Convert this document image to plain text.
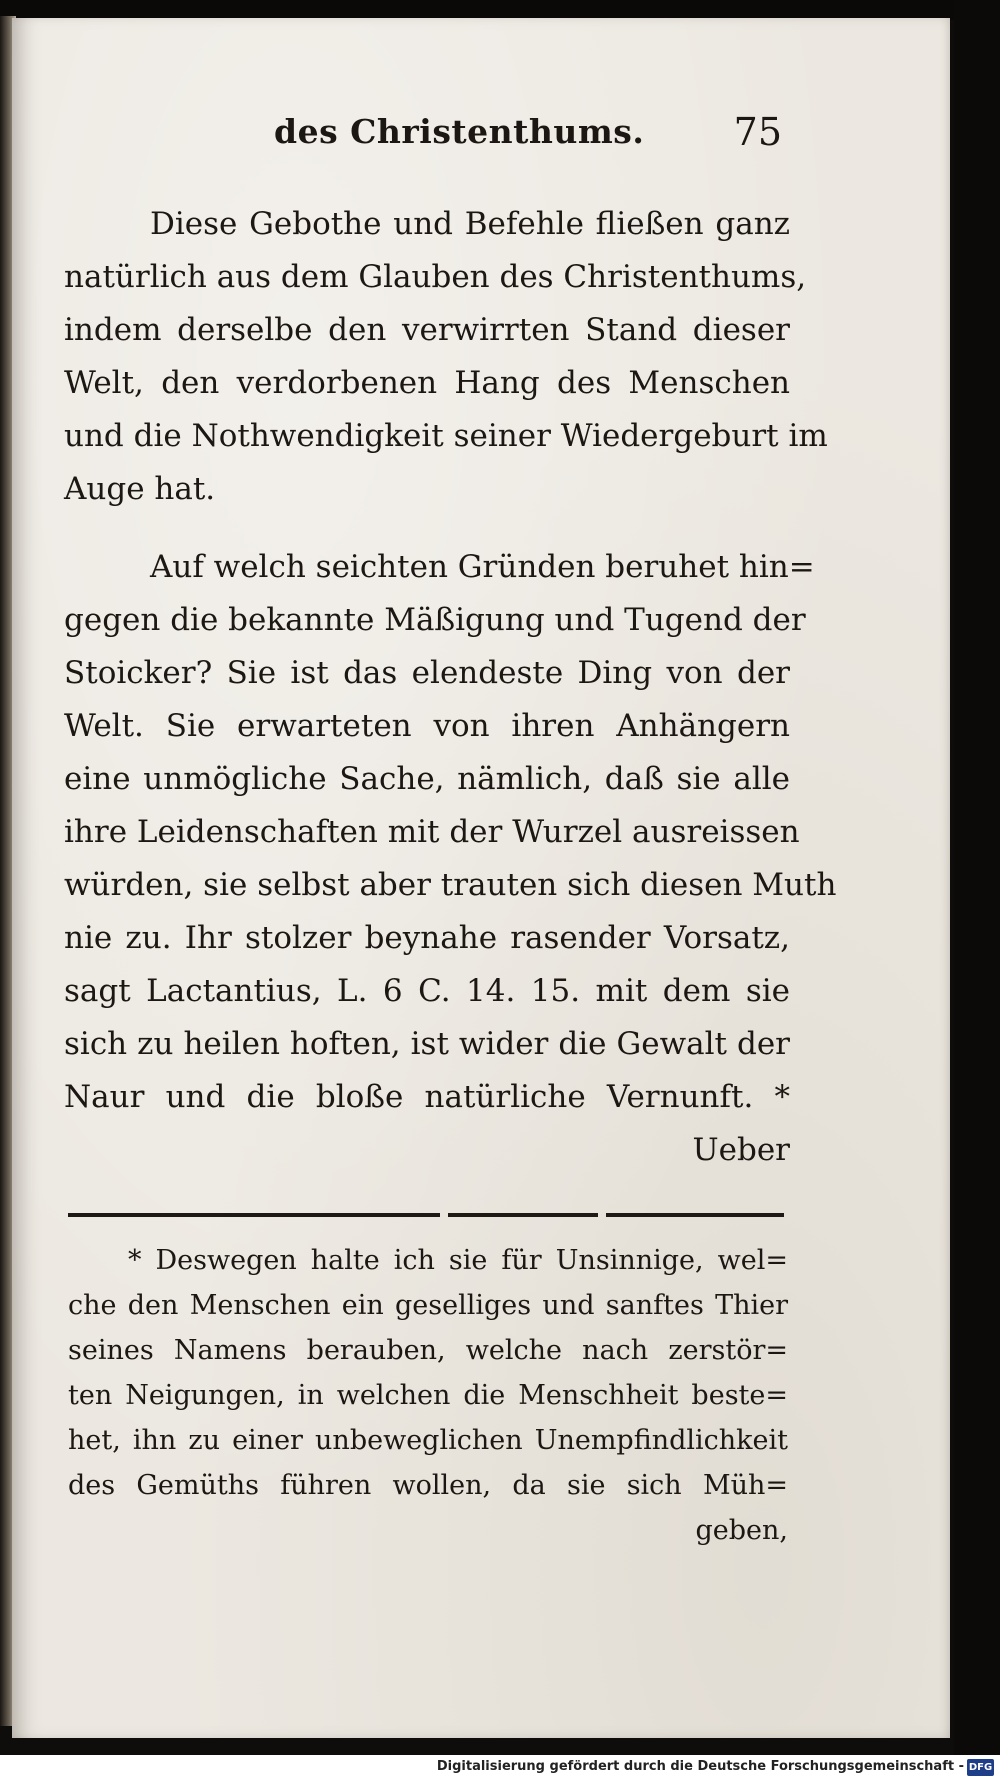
des Christenthums. 75
Diese Gebothe und Befehle fließen ganz
natürlich aus dem Glauben des Christenthums,
indem derselbe den verwirrten Stand dieser
Welt, den verdorbenen Hang des Menschen
und die Nothwendigkeit seiner Wiedergeburt im
Auge hat.
Auf welch seichten Gründen beruhet hin=
gegen die bekannte Mäßigung und Tugend der
Stoicker? Sie ist das elendeste Ding von der
Welt. Sie erwarteten von ihren Anhängern
eine unmögliche Sache, nämlich, daß sie alle
ihre Leidenschaften mit der Wurzel ausreissen
würden, sie selbst aber trauten sich diesen Muth
nie zu. Ihr stolzer beynahe rasender Vorsatz,
sagt Lactantius, L. 6 C. 14. 15. mit dem sie
sich zu heilen hoften, ist wider die Gewalt der
Naur und die bloße natürliche Vernunft. *
Ueber
* Deswegen halte ich sie für Unsinnige, wel=
che den Menschen ein geselliges und sanftes Thier
seines Namens berauben, welche nach zerstör=
ten Neigungen, in welchen die Menschheit beste=
het, ihn zu einer unbeweglichen Unempfindlichkeit
des Gemüths führen wollen, da sie sich Müh=
geben,
Digitalisierung gefördert durch die Deutsche Forschungsgemeinschaft - DFG
